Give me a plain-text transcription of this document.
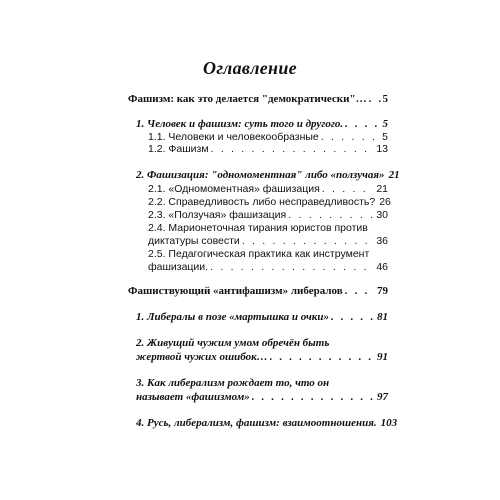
Оглавление
Фашизм: как это делается "демократически"… . . . 5
1. Человек и фашизм: суть того и другого. . . .	5
1.1. Человеки и человекообразные . . .	5
1.2. Фашизм . . .	13
2. Фашизация: "одномоментная" либо «ползучая» 21
2.1. «Одномоментная» фашизация . . .	21
2.2. Справедливость либо несправедливость? 26
2.3. «Ползучая» фашизация . . .	30
2.4. Марионеточная тирания юристов против
диктатуры совести . . .	36
2.5. Педагогическая практика как инструмент
фашизации. . . .	46
Фашиствующий «антифашизм» либералов . . .	79
1. Либералы в позе «мартышка и очки» . . .	81
2. Живущий чужим умом обречён быть
жертвой чужих ошибок… . . .	91
3. Как либерализм рождает то, что он
называет «фашизмом» . . .	97
4. Русь, либерализм, фашизм: взаимоотношения. 103
